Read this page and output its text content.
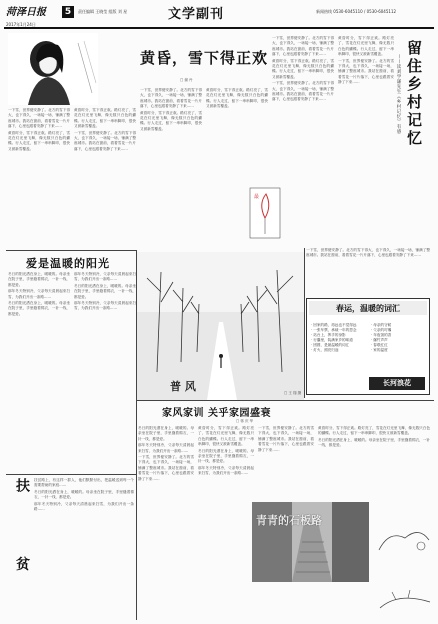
菏泽日报
2017年1月24日
5	责任编辑 王晓莹 组版 刘 星	文学副刊	新闻热线 0530-6045110 / 0530-6045112
黄昏，雪下得正欢
□ 谢 丹

一下雪，世界便安静了。北方的雪下得大，也下得久，一场接一场，铺满了整座城市。我站在窗前，看着雪花一片片落下，心里也跟着安静了下来……

黄昏时分，雪下得正欢。路灯亮了，雪花在灯光里飞舞，像无数只白色的蝴蝶。行人走过，留下一串串脚印，很快又被新雪覆盖。

黄昏时分，雪下得正欢。路灯亮了，雪花在灯光里飞舞，像无数只白色的蝴蝶。行人走过，留下一串串脚印，很快又被新雪覆盖。

一下雪，世界便安静了。北方的雪下得大，也下得久，一场接一场，铺满了整座城市。我站在窗前，看着雪花一片片落下，心里也跟着安静了下来……

一下雪，世界便安静了。北方的雪下得大，也下得久，一场接一场，铺满了整座城市。我站在窗前，看着雪花一片片落下，心里也跟着安静了下来……

黄昏时分，雪下得正欢。路灯亮了，雪花在灯光里飞舞，像无数只白色的蝴蝶。行人走过，留下一串串脚印，很快又被新雪覆盖。

黄昏时分，雪下得正欢。路灯亮了，雪花在灯光里飞舞，像无数只白色的蝴蝶。行人走过，留下一串串脚印，很快又被新雪覆盖。

一下雪，世界便安静了。北方的雪下得大，也下得久，一场接一场，铺满了整座城市。我站在窗前，看着雪花一片片落下，心里也跟着安静了下来……

黄昏时分，雪下得正欢。路灯亮了，雪花在灯光里飞舞，像无数只白色的蝴蝶。行人走过，留下一串串脚印，很快又被新雪覆盖。

一下雪，世界便安静了。北方的雪下得大，也下得久，一场接一场，铺满了整座城市。我站在窗前，看着雪花一片片落下，心里也跟着安静了下来……

黄昏时分，雪下得正欢。路灯亮了，雪花在灯光里飞舞，像无数只白色的蝴蝶。行人走过，留下一串串脚印，很快又被新雪覆盖。

一下雪，世界便安静了。北方的雪下得大，也下得久，一场接一场，铺满了整座城市。我站在窗前，看着雪花一片片落下，心里也跟着安静了下来……	留住乡村记忆
——读刘学谦先生《乡村记忆》有感
最
爱是温暖的阳光

冬日的阳光洒在身上，暖暖的。母亲坐在院子里，手里缝着棉衣，一针一线，都是爱。

那年冬天特别冷，父亲每天清晨起来扫雪，为我们开出一条路……

冬日的阳光洒在身上，暖暖的。母亲坐在院子里，手里缝着棉衣，一针一线，都是爱。

那年冬天特别冷，父亲每天清晨起来扫雪，为我们开出一条路……

冬日的阳光洒在身上，暖暖的。母亲坐在院子里，手里缝着棉衣，一针一线，都是爱。

那年冬天特别冷，父亲每天清晨起来扫雪，为我们开出一条路……

普 风	□ 王 翔 摄

一下雪，世界便安静了。北方的雪下得大，也下得久，一场接一场，铺满了整座城市。我站在窗前，看着雪花一片片落下，心里也跟着安静了下来……

春运，温暖的词汇
· 回家的路，再远也不觉得远
· 一张车票，承载一年的思念
· 站台上，挥手的身影
· 行囊里，装满家乡的味道
· 团圆，是最温暖的词汇
· 灯火，照亮归途
· 母亲的守候
· 父亲的叮嘱
· 年夜饭的香
· 爆竹声声
· 春联红红
· 家的温度
长河浪花
家风家训 关乎家园盛衰
□ 蒋 庆 华

冬日的阳光洒在身上，暖暖的。母亲坐在院子里，手里缝着棉衣，一针一线，都是爱。

那年冬天特别冷，父亲每天清晨起来扫雪，为我们开出一条路……

一下雪，世界便安静了。北方的雪下得大，也下得久，一场接一场，铺满了整座城市。我站在窗前，看着雪花一片片落下，心里也跟着安静了下来……

黄昏时分，雪下得正欢。路灯亮了，雪花在灯光里飞舞，像无数只白色的蝴蝶。行人走过，留下一串串脚印，很快又被新雪覆盖。

冬日的阳光洒在身上，暖暖的。母亲坐在院子里，手里缝着棉衣，一针一线，都是爱。

那年冬天特别冷，父亲每天清晨起来扫雪，为我们开出一条路……

一下雪，世界便安静了。北方的雪下得大，也下得久，一场接一场，铺满了整座城市。我站在窗前，看着雪花一片片落下，心里也跟着安静了下来……

黄昏时分，雪下得正欢。路灯亮了，雪花在灯光里飞舞，像无数只白色的蝴蝶。行人走过，留下一串串脚印，很快又被新雪覆盖。

冬日的阳光洒在身上，暖暖的。母亲坐在院子里，手里缝着棉衣，一针一线，都是爱。

扶 贫	扶贫路上，有这样一群人，他们默默付出，把温暖送到每一个需要帮助的家庭……

冬日的阳光洒在身上，暖暖的。母亲坐在院子里，手里缝着棉衣，一针一线，都是爱。

那年冬天特别冷，父亲每天清晨起来扫雪，为我们开出一条路……

青青的石板路
